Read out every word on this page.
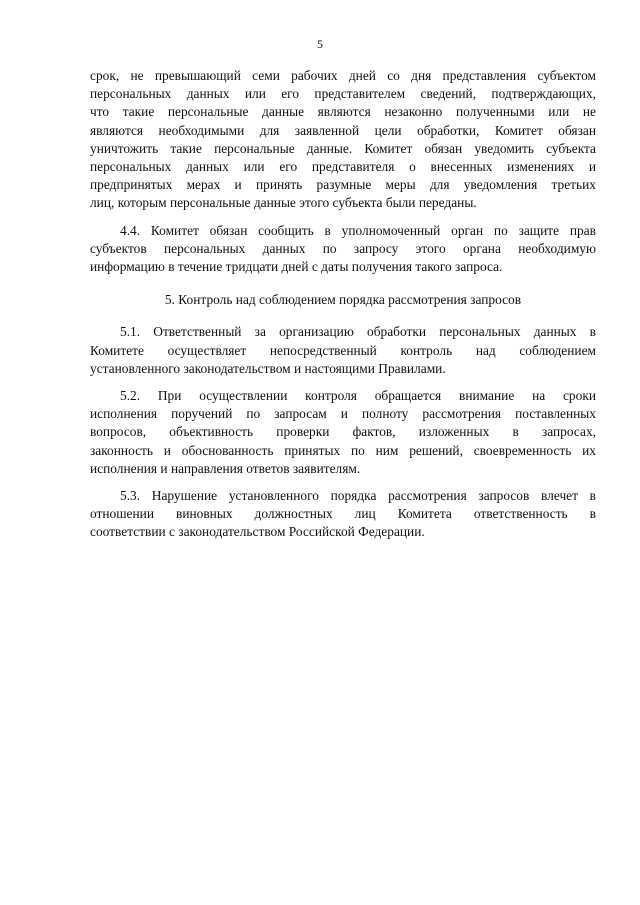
5
срок, не превышающий семи рабочих дней со дня представления субъектом
персональных данных или его представителем сведений, подтверждающих,
что такие персональные данные являются незаконно полученными или не
являются необходимыми для заявленной цели обработки, Комитет обязан
уничтожить такие персональные данные. Комитет обязан уведомить субъекта
персональных данных или его представителя о внесенных изменениях и
предпринятых мерах и принять разумные меры для уведомления третьих
лиц, которым персональные данные этого субъекта были переданы.
4.4. Комитет обязан сообщить в уполномоченный орган по защите прав
субъектов персональных данных по запросу этого органа необходимую
информацию в течение тридцати дней с даты получения такого запроса.
5. Контроль над соблюдением порядка рассмотрения запросов
5.1. Ответственный за организацию обработки персональных данных в
Комитете осуществляет непосредственный контроль над соблюдением
установленного законодательством и настоящими Правилами.
5.2. При осуществлении контроля обращается внимание на сроки
исполнения поручений по запросам и полноту рассмотрения поставленных
вопросов, объективность проверки фактов, изложенных в запросах,
законность и обоснованность принятых по ним решений, своевременность их
исполнения и направления ответов заявителям.
5.3. Нарушение установленного порядка рассмотрения запросов влечет в
отношении виновных должностных лиц Комитета ответственность в
соответствии с законодательством Российской Федерации.
